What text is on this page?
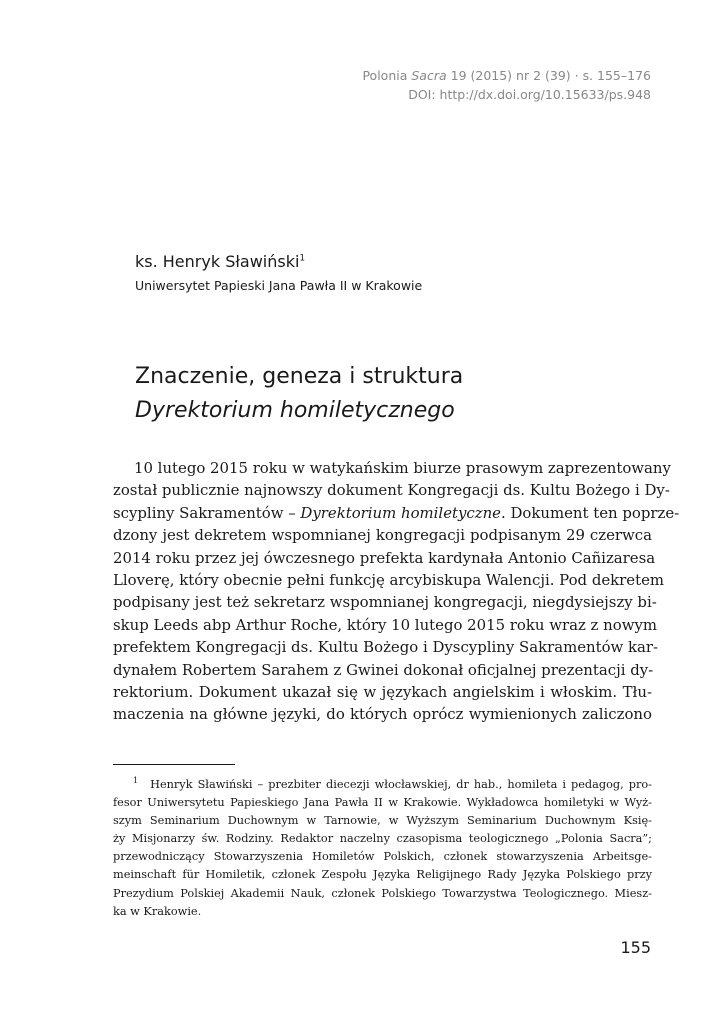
Polonia Sacra 19 (2015) nr 2 (39) · s. 155–176
DOI: http://dx.doi.org/10.15633/ps.948
ks. Henryk Sławiński$^1$
Uniwersytet Papieski Jana Pawła II w Krakowie
Znaczenie, geneza i struktura
Dyrektorium homiletycznego
10 lutego 2015 roku w watykańskim biurze prasowym zaprezentowany
został publicznie najnowszy dokument Kongregacji ds. Kultu Bożego i Dy-
scypliny Sakramentów – Dyrektorium homiletyczne. Dokument ten poprze-
dzony jest dekretem wspomnianej kongregacji podpisanym 29 czerwca
2014 roku przez jej ówczesnego prefekta kardynała Antonio Cañizaresa
Lloverę, który obecnie pełni funkcję arcybiskupa Walencji. Pod dekretem
podpisany jest też sekretarz wspomnianej kongregacji, niegdysiejszy bi-
skup Leeds abp Arthur Roche, który 10 lutego 2015 roku wraz z nowym
prefektem Kongregacji ds. Kultu Bożego i Dyscypliny Sakramentów kar-
dynałem Robertem Sarahem z Gwinei dokonał oficjalnej prezentacji dy-
rektorium. Dokument ukazał się w językach angielskim i włoskim. Tłu-
maczenia na główne języki, do których oprócz wymienionych zaliczono
$^1$ Henryk Sławiński – prezbiter diecezji włocławskiej, dr hab., homileta i pedagog, pro-
fesor Uniwersytetu Papieskiego Jana Pawła II w Krakowie. Wykładowca homiletyki w Wyż-
szym Seminarium Duchownym w Tarnowie, w Wyższym Seminarium Duchownym Księ-
ży Misjonarzy św. Rodziny. Redaktor naczelny czasopisma teologicznego „Polonia Sacra”;
przewodniczący Stowarzyszenia Homiletów Polskich, członek stowarzyszenia Arbeitsge-
meinschaft für Homiletik, członek Zespołu Języka Religijnego Rady Języka Polskiego przy
Prezydium Polskiej Akademii Nauk, członek Polskiego Towarzystwa Teologicznego. Miesz-
ka w Krakowie.
155
